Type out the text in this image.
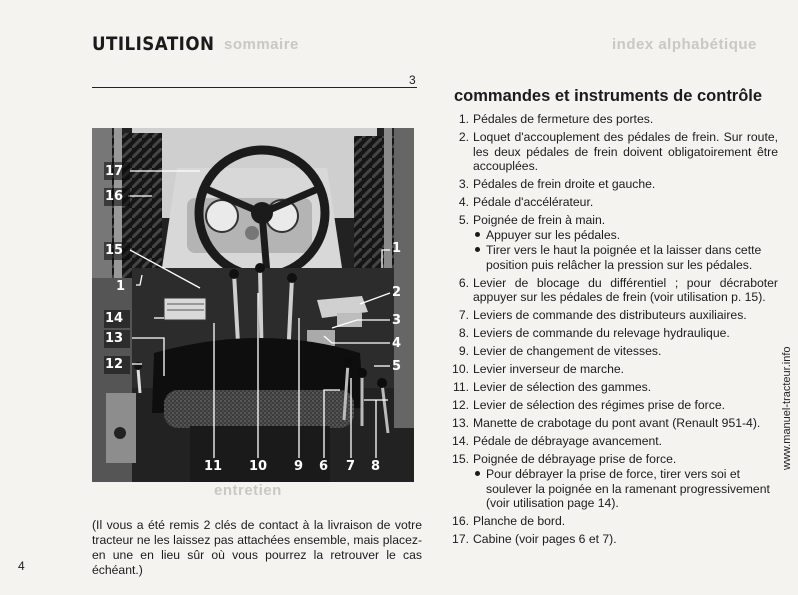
index alphabétique
sommaire
entretien
UTILISATION
3
17
16
15
1
14
13
12
1
2
3
4
5
11 10 9 6 7 8

(Il vous a été remis 2 clés de contact à la livraison de votre tracteur ne les laissez pas attachées ensemble, mais placez-en une en lieu sûr où vous pourrez la retrouver le cas échéant.)

commandes et instruments de contrôle
1 . Pédales de fermeture des portes.
2 . Loquet d'accouplement des pédales de frein. Sur route, les deux pédales de frein doivent obligatoirement être accouplées.
3 . Pédales de frein droite et gauche.
4 . Pédale d'accélérateur.
5 . Poignée de frein à main.
Appuyer sur les pédales.
Tirer vers le haut la poignée et la laisser dans cette position puis relâcher la pression sur les pédales.
6 . Levier de blocage du différentiel ; pour décraboter appuyer sur les pédales de frein (voir utilisation p. 15).
7 . Leviers de commande des distributeurs auxiliaires.
8 . Leviers de commande du relevage hydraulique.
9 . Levier de changement de vitesses.
10 . Levier inverseur de marche.
11 . Levier de sélection des gammes.
12 . Levier de sélection des régimes prise de force.
13 . Manette de crabotage du pont avant (Renault 951-4).
14 . Pédale de débrayage avancement.
15 . Poignée de débrayage prise de force.
Pour débrayer la prise de force, tirer vers soi et soulever la poignée en la ramenant progressivement (voir utilisation page 14).
16 . Planche de bord.
17 . Cabine (voir pages 6 et 7).
4
www.manuel-tracteur.info
